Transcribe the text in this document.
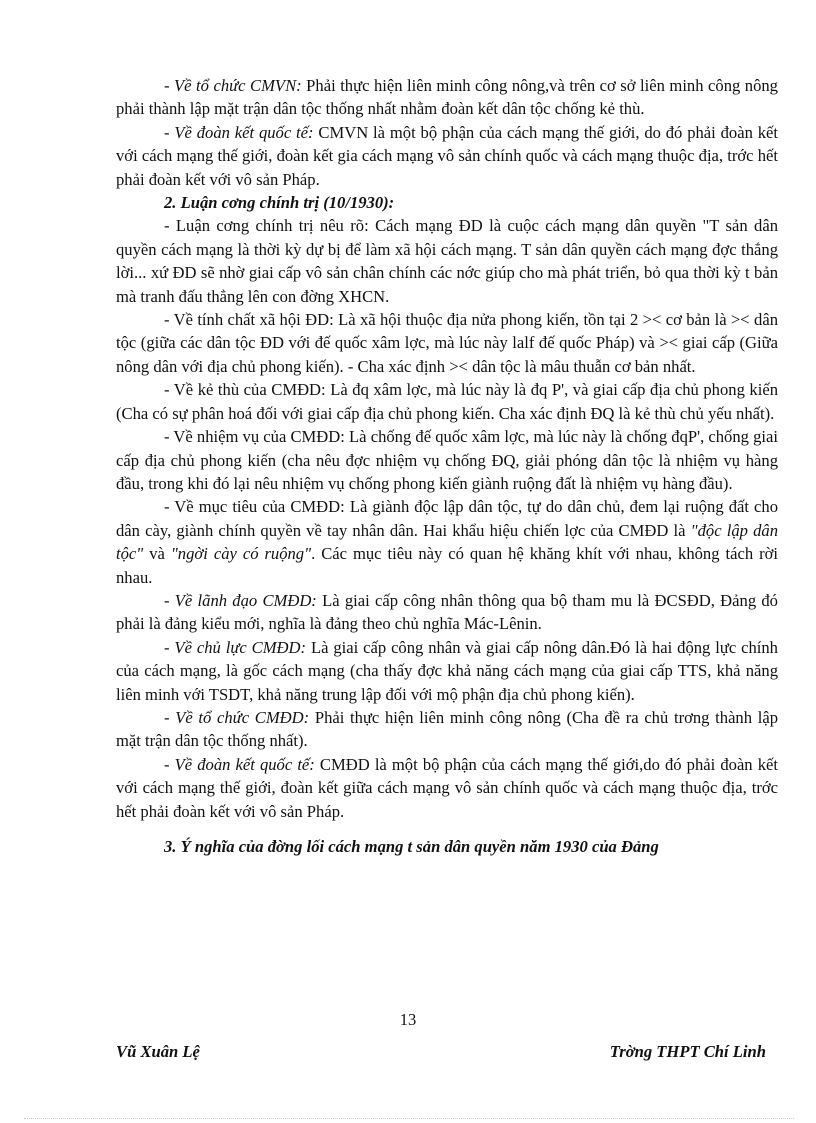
- Về tổ chức CMVN: Phải thực hiện liên minh công nông,và trên cơ sở liên minh công nông phải thành lập mặt trận dân tộc thống nhất nhằm đoàn kết dân tộc chống kẻ thù.

- Về đoàn kết quốc tế: CMVN là một bộ phận của cách mạng thế giới, do đó phải đoàn kết với cách mạng thế giới, đoàn kết gia cách mạng vô sản chính quốc và cách mạng thuộc địa, trớc hết phải đoàn kết với vô sản Pháp.

2. Luận cơng chính trị (10/1930):

- Luận cơng chính trị nêu rõ: Cách mạng ĐD là cuộc cách mạng dân quyền "T sản dân quyền cách mạng là thời kỳ dự bị để làm xã hội cách mạng. T sản dân quyền cách mạng đợc thắng lời... xứ ĐD sẽ nhờ giai cấp vô sản chân chính các nớc giúp cho mà phát triển, bỏ qua thời kỳ t bản mà tranh đấu thẳng lên con đờng XHCN.

- Về tính chất xã hội ĐD: Là xã hội thuộc địa nửa phong kiến, tồn tại 2 >< cơ bản là >< dân tộc (giữa các dân tộc ĐD với đế quốc xâm lợc, mà lúc này lalf đế quốc Pháp) và >< giai cấp (Giữa nông dân với địa chủ phong kiến). - Cha xác định >< dân tộc là mâu thuẫn cơ bản nhất.

- Về kẻ thù của CMĐD: Là đq xâm lợc, mà lúc này là đq P', và giai cấp địa chủ phong kiến (Cha có sự phân hoá đối với giai cấp địa chủ phong kiến. Cha xác định ĐQ là kẻ thù chủ yếu nhất).

- Về nhiệm vụ của CMĐD: Là chống đế quốc xâm lợc, mà lúc này là chống đqP', chống giai cấp địa chủ phong kiến (cha nêu đợc nhiệm vụ chống ĐQ, giải phóng dân tộc là nhiệm vụ hàng đầu, trong khi đó lại nêu nhiệm vụ chống phong kiến giành ruộng đất là nhiệm vụ hàng đầu).

- Về mục tiêu của CMĐD: Là giành độc lập dân tộc, tự do dân chủ, đem lại ruộng đất cho dân cày, giành chính quyền về tay nhân dân. Hai khẩu hiệu chiến lợc của CMĐD là "độc lập dân tộc" và "ngời cày có ruộng". Các mục tiêu này có quan hệ khăng khít với nhau, không tách rời nhau.

- Về lãnh đạo CMĐD: Là giai cấp công nhân thông qua bộ tham mu là ĐCSĐD, Đảng đó phải là đảng kiểu mới, nghĩa là đảng theo chủ nghĩa Mác-Lênin.

- Về chủ lực CMĐD: Là giai cấp công nhân và giai cấp nông dân.Đó là hai động lực chính của cách mạng, là gốc cách mạng (cha thấy đợc khả năng cách mạng của giai cấp TTS, khả năng liên minh với TSDT, khả năng trung lập đối với mộ phận địa chủ phong kiến).

- Về tổ chức CMĐD: Phải thực hiện liên minh công nông (Cha đề ra chủ trơng thành lập mặt trận dân tộc thống nhất).

- Về đoàn kết quốc tế: CMĐD là một bộ phận của cách mạng thế giới,do đó phải đoàn kết với cách mạng thế giới, đoàn kết giữa cách mạng vô sản chính quốc và cách mạng thuộc địa, trớc hết phải đoàn kết với vô sản Pháp.

3. Ý nghĩa của đờng lối cách mạng t sản dân quyền năm 1930 của Đảng

13
Vũ Xuân Lệ	Trờng THPT Chí Linh
